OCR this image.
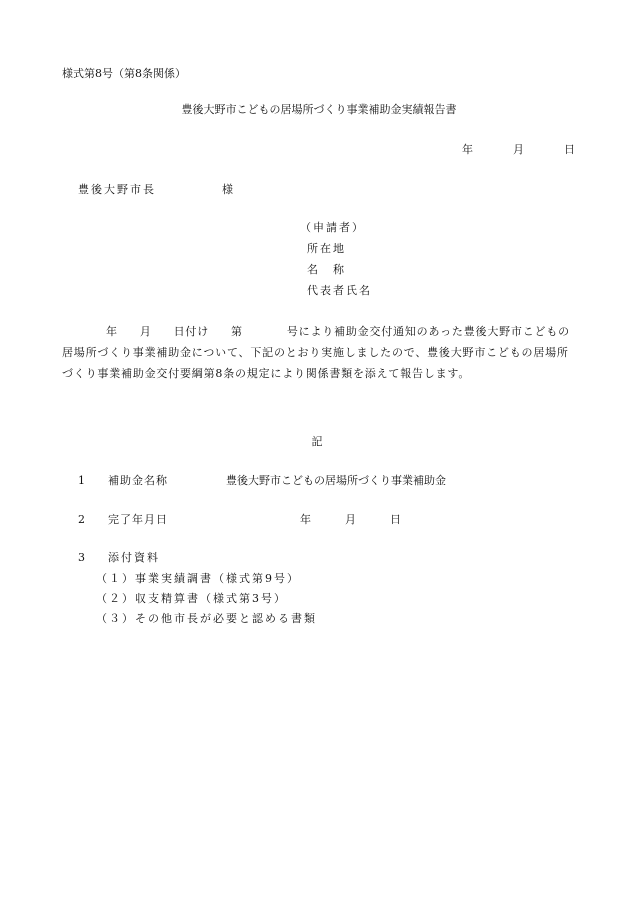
様式第8号（第8条関係）
豊後大野市こどもの居場所づくり事業補助金実績報告書
年	月	日
豊後大野市長	様
（申請者）
所在地
名　称
代表者氏名

年 月 日付け 第	号により補助金交付通知のあった豊後大野市こどもの居場所づくり事業補助金について、下記のとおり実施しましたので、豊後大野市こどもの居場所づくり事業補助金交付要綱第8条の規定により関係書類を添えて報告します。

記
1 補助金名称	豊後大野市こどもの居場所づくり事業補助金
2 完了年月日	年	月	日
3 添付資料
（１）事業実績調書（様式第9号）
（２）収支精算書（様式第3号）
（３）その他市長が必要と認める書類
